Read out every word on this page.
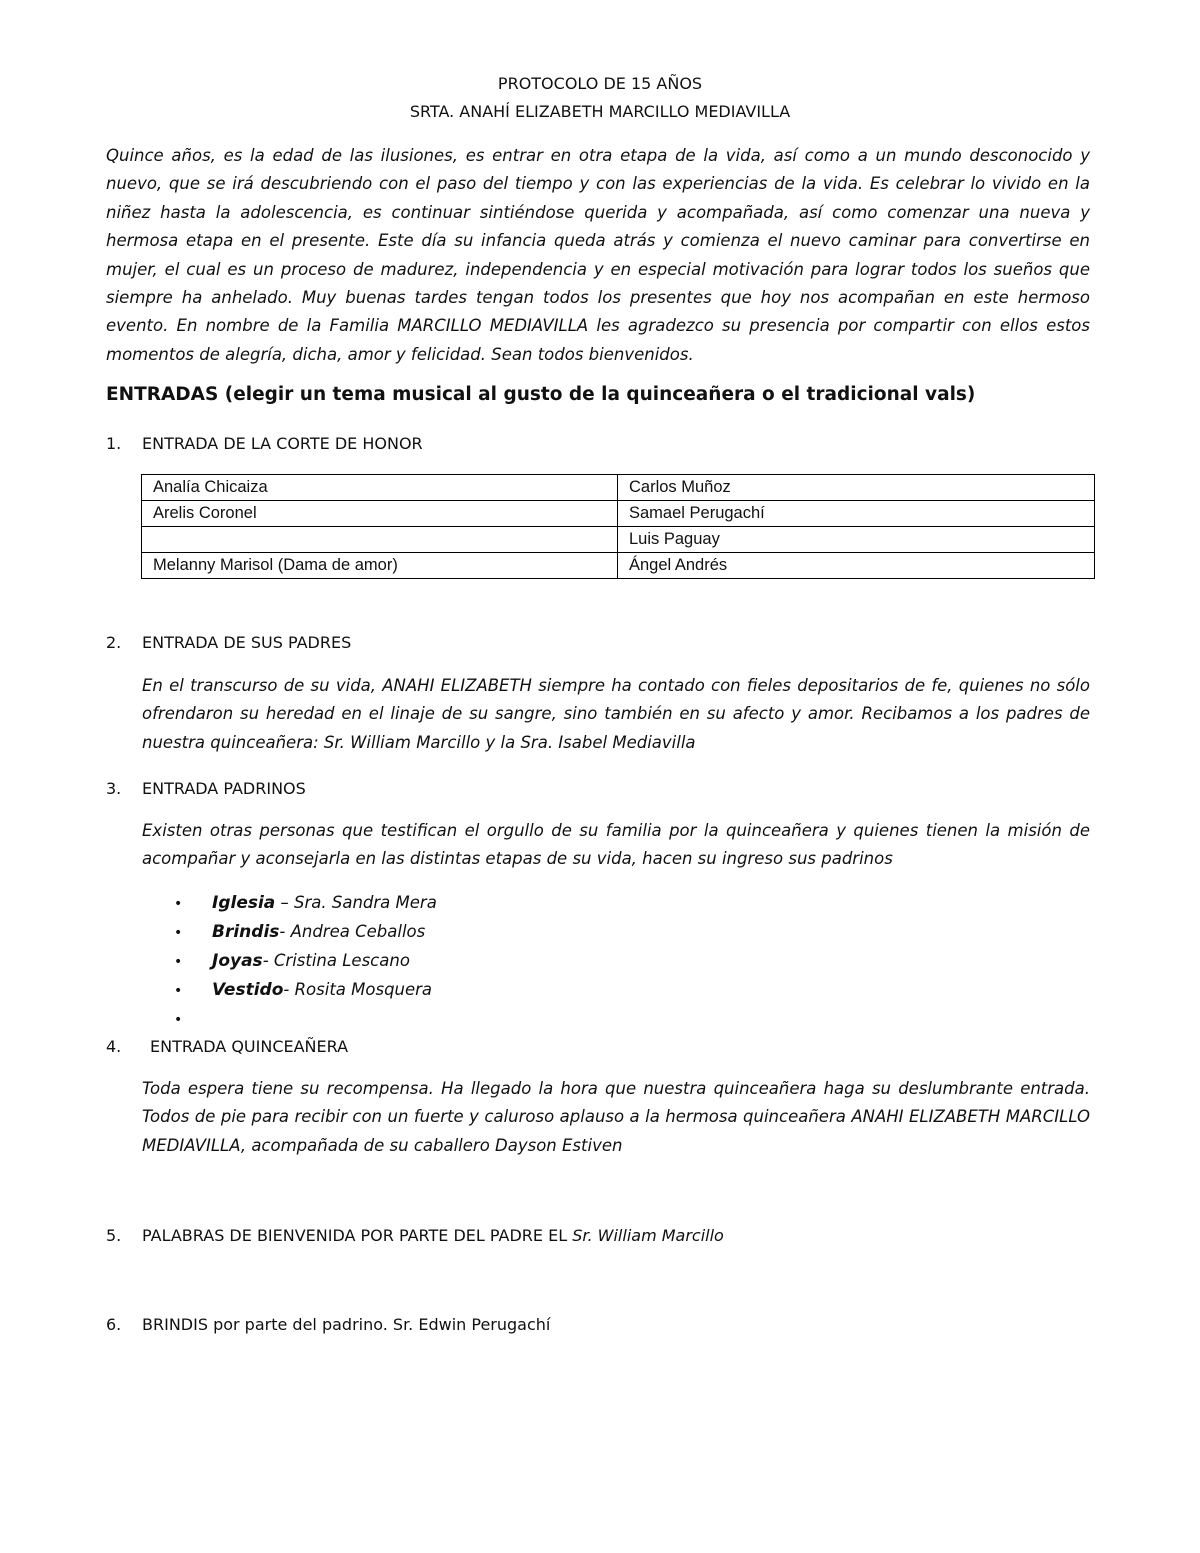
PROTOCOLO DE 15 AÑOS
SRTA. ANAHÍ ELIZABETH MARCILLO MEDIAVILLA
Quince años, es la edad de las ilusiones, es entrar en otra etapa de la vida, así como a un mundo desconocido y nuevo, que se irá descubriendo con el paso del tiempo y con las experiencias de la vida. Es celebrar lo vivido en la niñez hasta la adolescencia, es continuar sintiéndose querida y acompañada, así como comenzar una nueva y hermosa etapa en el presente. Este día su infancia queda atrás y comienza el nuevo caminar para convertirse en mujer, el cual es un proceso de madurez, independencia y en especial motivación para lograr todos los sueños que siempre ha anhelado. Muy buenas tardes tengan todos los presentes que hoy nos acompañan en este hermoso evento. En nombre de la Familia MARCILLO MEDIAVILLA les agradezco su presencia por compartir con ellos estos momentos de alegría, dicha, amor y felicidad. Sean todos bienvenidos.
ENTRADAS (elegir un tema musical al gusto de la quinceañera o el tradicional vals)
1. ENTRADA DE LA CORTE DE HONOR
Analía Chicaiza	Carlos Muñoz
Arelis Coronel	Samael Perugachí
	Luis Paguay
Melanny Marisol (Dama de amor)	Ángel Andrés
2. ENTRADA DE SUS PADRES
En el transcurso de su vida, ANAHI ELIZABETH siempre ha contado con fieles depositarios de fe, quienes no sólo ofrendaron su heredad en el linaje de su sangre, sino también en su afecto y amor. Recibamos a los padres de nuestra quinceañera: Sr. William Marcillo y la Sra. Isabel Mediavilla
3. ENTRADA PADRINOS
Existen otras personas que testifican el orgullo de su familia por la quinceañera y quienes tienen la misión de acompañar y aconsejarla en las distintas etapas de su vida, hacen su ingreso sus padrinos
• Iglesia – Sra. Sandra Mera
• Brindis- Andrea Ceballos
• Joyas- Cristina Lescano
• Vestido- Rosita Mosquera
•
4. ENTRADA QUINCEAÑERA
Toda espera tiene su recompensa. Ha llegado la hora que nuestra quinceañera haga su deslumbrante entrada. Todos de pie para recibir con un fuerte y caluroso aplauso a la hermosa quinceañera ANAHI ELIZABETH MARCILLO MEDIAVILLA, acompañada de su caballero Dayson Estiven
5. PALABRAS DE BIENVENIDA POR PARTE DEL PADRE EL Sr. William Marcillo
6. BRINDIS por parte del padrino. Sr. Edwin Perugachí
